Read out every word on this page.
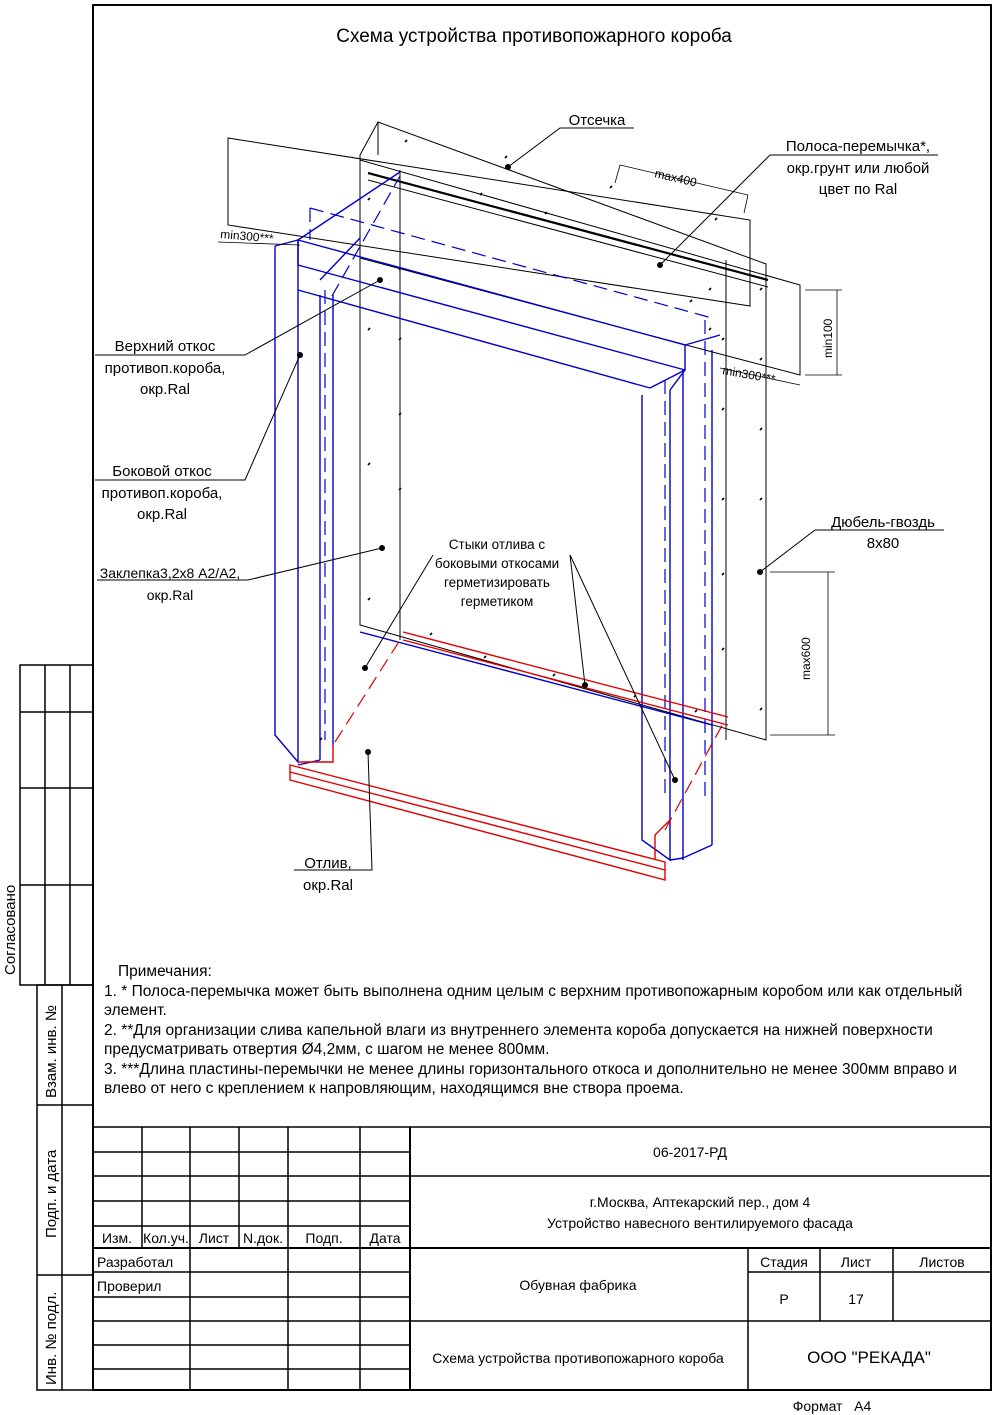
Схема устройства противопожарного короба
max400
min300***
min300***
min100
max600
Отсечка
Полоса-перемычка*,
окр.грунт или любой
цвет по Ral
Верхний откос
противоп.короба,
окр.Ral
Боковой откос
противоп.короба,
окр.Ral
Заклепка3,2х8 А2/А2,
окр.Ral
Дюбель-гвоздь
8х80
Отлив,
окр.Ral
Стыки отлива с
боковыми откосами
герметизировать
герметиком
Согласовано
Взам. инв. №
Подп. и дата
Инв. № подл.
06-2017-РД
г.Москва, Аптекарский пер., дом 4
Устройство навесного вентилируемого фасада
Изм. Кол.уч. Лист N.док. Подп. Дата
Разработал
Проверил	Обувная фабрика
Стадия Лист	Листов
Р	17
Схема устройства противопожарного короба
Формат   А4
ООО "РЕКАДА"
Примечания:
1. * Полоса-перемычка может быть выполнена одним целым с верхним противопожарным коробом или как отдельный элемент.
2. **Для организации слива капельной влаги из внутреннего элемента короба допускается на нижней поверхности предусматривать отвертия Ø4,2мм, с шагом не менее 800мм.
3. ***Длина пластины-перемычки не менее длины горизонтального откоса и дополнительно не менее 300мм вправо и влево от него с креплением к напровляющим, находящимся вне створа проема.
